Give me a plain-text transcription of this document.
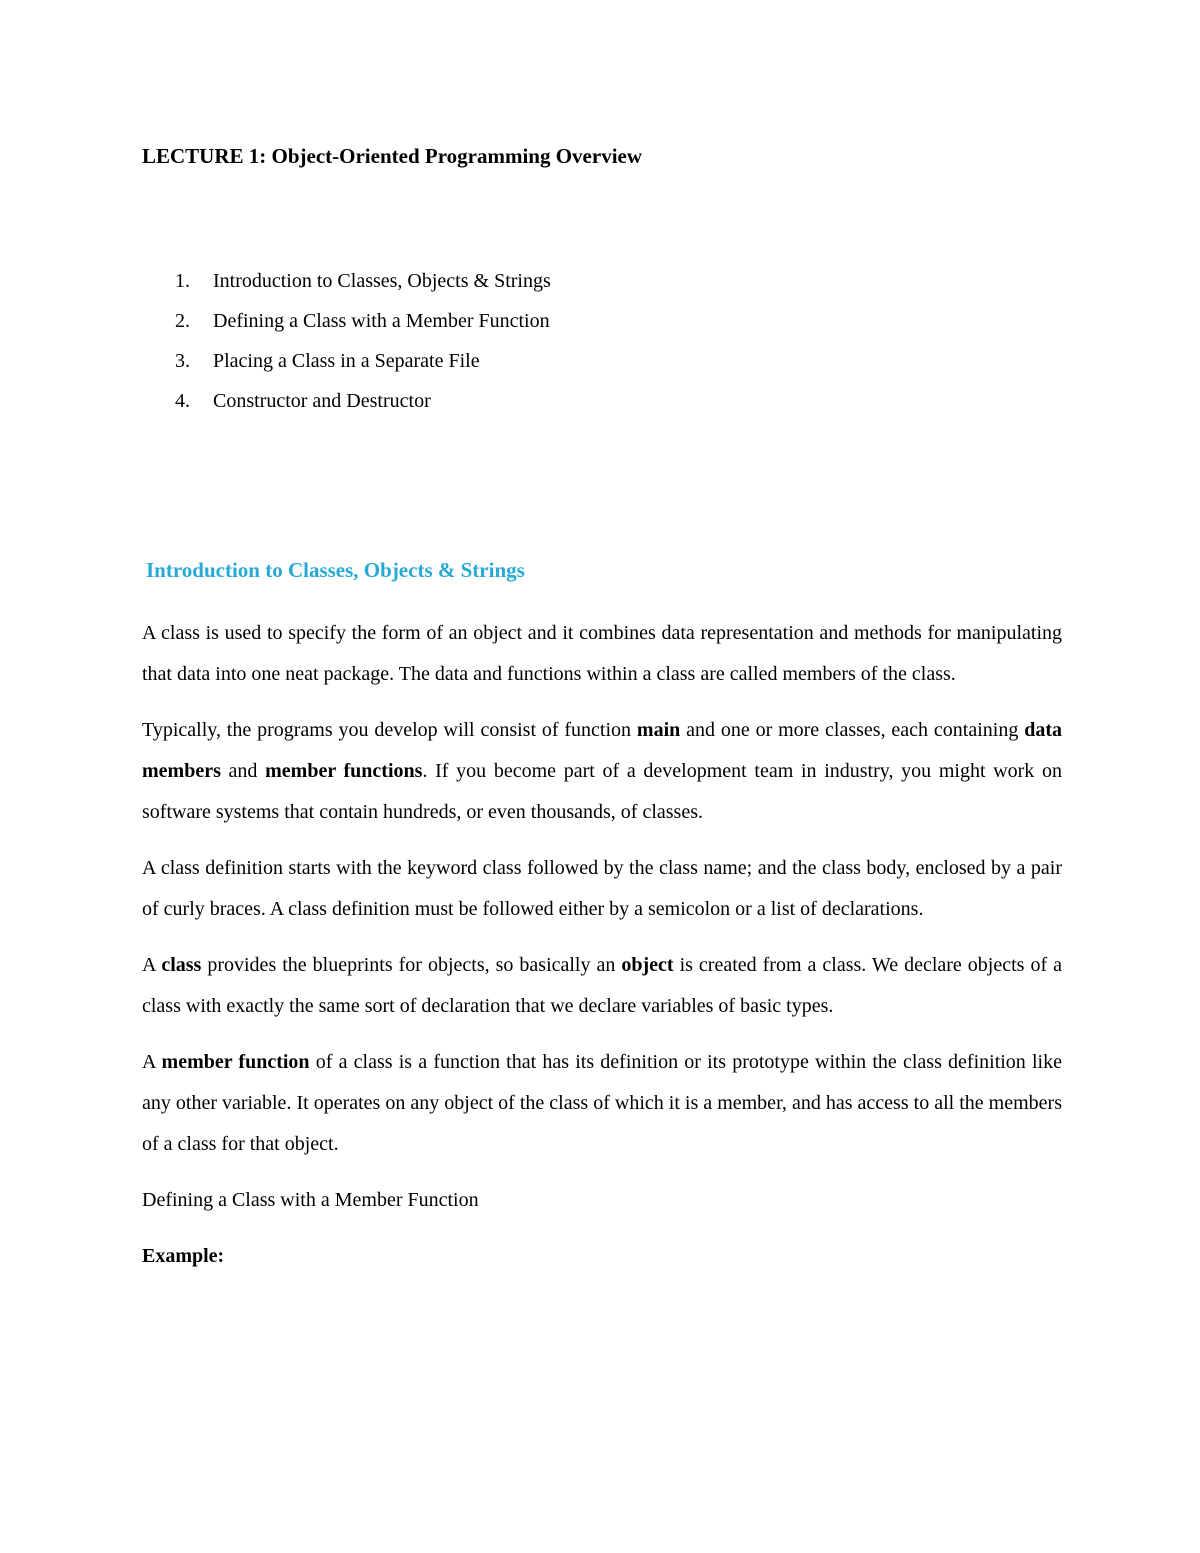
LECTURE 1: Object-Oriented Programming Overview
1.	Introduction to Classes, Objects & Strings
2.	Defining a Class with a Member Function
3.	Placing a Class in a Separate File
4.	Constructor and Destructor
Introduction to Classes, Objects & Strings

A class is used to specify the form of an object and it combines data representation and methods for manipulating that data into one neat package. The data and functions within a class are called members of the class.

Typically, the programs you develop will consist of function main and one or more classes, each containing data members and member functions. If you become part of a development team in industry, you might work on software systems that contain hundreds, or even thousands, of classes.

A class definition starts with the keyword class followed by the class name; and the class body, enclosed by a pair of curly braces. A class definition must be followed either by a semicolon or a list of declarations.

A class provides the blueprints for objects, so basically an object is created from a class. We declare objects of a class with exactly the same sort of declaration that we declare variables of basic types.

A member function of a class is a function that has its definition or its prototype within the class definition like any other variable. It operates on any object of the class of which it is a member, and has access to all the members of a class for that object.

Defining a Class with a Member Function

Example:
